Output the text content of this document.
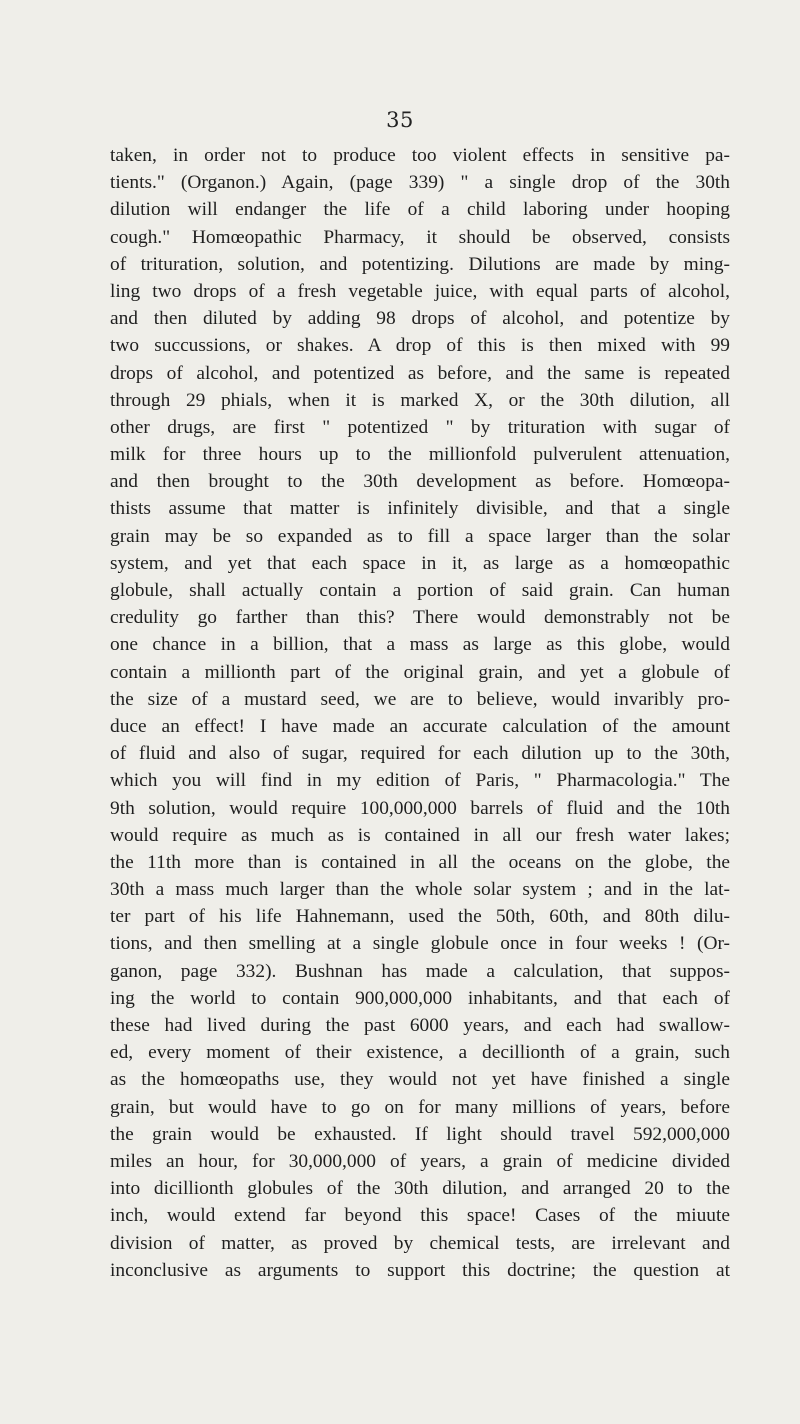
35
taken, in order not to produce too violent effects in sensitive pa-
tients." (Organon.) Again, (page 339) " a single drop of the 30th
dilution will endanger the life of a child laboring under hooping
cough." Homœopathic Pharmacy, it should be observed, consists
of trituration, solution, and potentizing. Dilutions are made by ming-
ling two drops of a fresh vegetable juice, with equal parts of alcohol,
and then diluted by adding 98 drops of alcohol, and potentize by
two succussions, or shakes. A drop of this is then mixed with 99
drops of alcohol, and potentized as before, and the same is repeated
through 29 phials, when it is marked X, or the 30th dilution, all
other drugs, are first " potentized " by trituration with sugar of
milk for three hours up to the millionfold pulverulent attenuation,
and then brought to the 30th development as before. Homœopa-
thists assume that matter is infinitely divisible, and that a single
grain may be so expanded as to fill a space larger than the solar
system, and yet that each space in it, as large as a homœopathic
globule, shall actually contain a portion of said grain. Can human
credulity go farther than this? There would demonstrably not be
one chance in a billion, that a mass as large as this globe, would
contain a millionth part of the original grain, and yet a globule of
the size of a mustard seed, we are to believe, would invaribly pro-
duce an effect! I have made an accurate calculation of the amount
of fluid and also of sugar, required for each dilution up to the 30th,
which you will find in my edition of Paris, " Pharmacologia." The
9th solution, would require 100,000,000 barrels of fluid and the 10th
would require as much as is contained in all our fresh water lakes;
the 11th more than is contained in all the oceans on the globe, the
30th a mass much larger than the whole solar system ; and in the lat-
ter part of his life Hahnemann, used the 50th, 60th, and 80th dilu-
tions, and then smelling at a single globule once in four weeks ! (Or-
ganon, page 332). Bushnan has made a calculation, that suppos-
ing the world to contain 900,000,000 inhabitants, and that each of
these had lived during the past 6000 years, and each had swallow-
ed, every moment of their existence, a decillionth of a grain, such
as the homœopaths use, they would not yet have finished a single
grain, but would have to go on for many millions of years, before
the grain would be exhausted. If light should travel 592,000,000
miles an hour, for 30,000,000 of years, a grain of medicine divided
into dicillionth globules of the 30th dilution, and arranged 20 to the
inch, would extend far beyond this space! Cases of the miuute
division of matter, as proved by chemical tests, are irrelevant and
inconclusive as arguments to support this doctrine; the question at
